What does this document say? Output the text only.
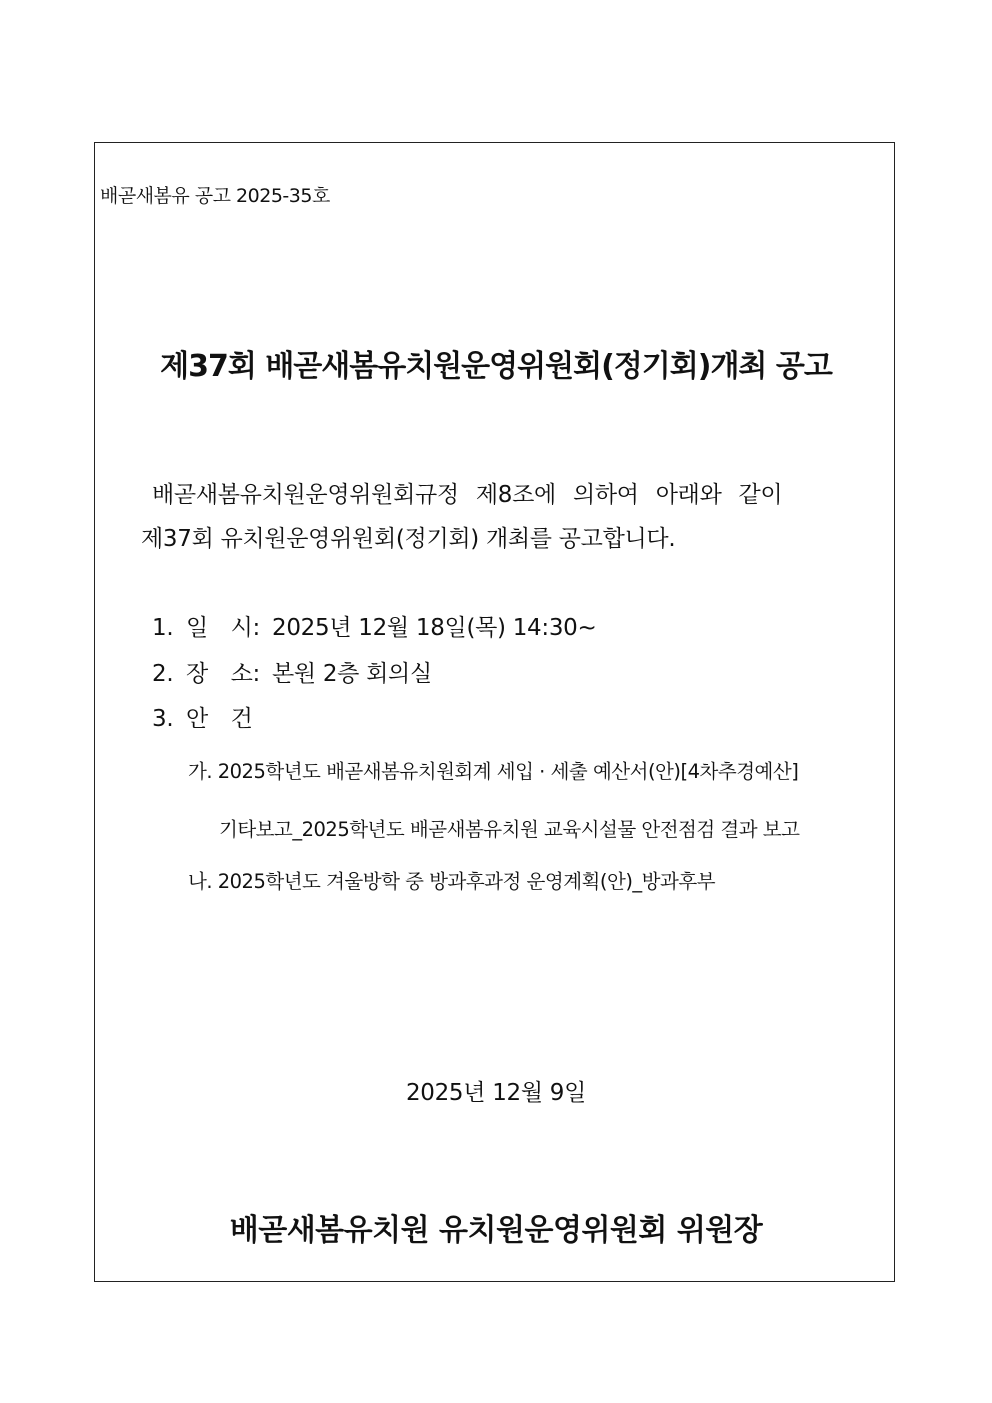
배곧새봄유 공고 2025-35호
제37회 배곧새봄유치원운영위원회(정기회)개최 공고
배곧새봄유치원운영위원회규정 제8조에 의하여 아래와 같이
제37회 유치원운영위원회(정기회) 개최를 공고합니다.
1. 일　시: 2025년 12월 18일(목) 14:30~
2. 장　소: 본원 2층 회의실
3. 안　건
가. 2025학년도 배곧새봄유치원회계 세입 · 세출 예산서(안)[4차추경예산]
기타보고_2025학년도 배곧새봄유치원 교육시설물 안전점검 결과 보고
나. 2025학년도 겨울방학 중 방과후과정 운영계획(안)_방과후부
2025년 12월 9일
배곧새봄유치원 유치원운영위원회 위원장
